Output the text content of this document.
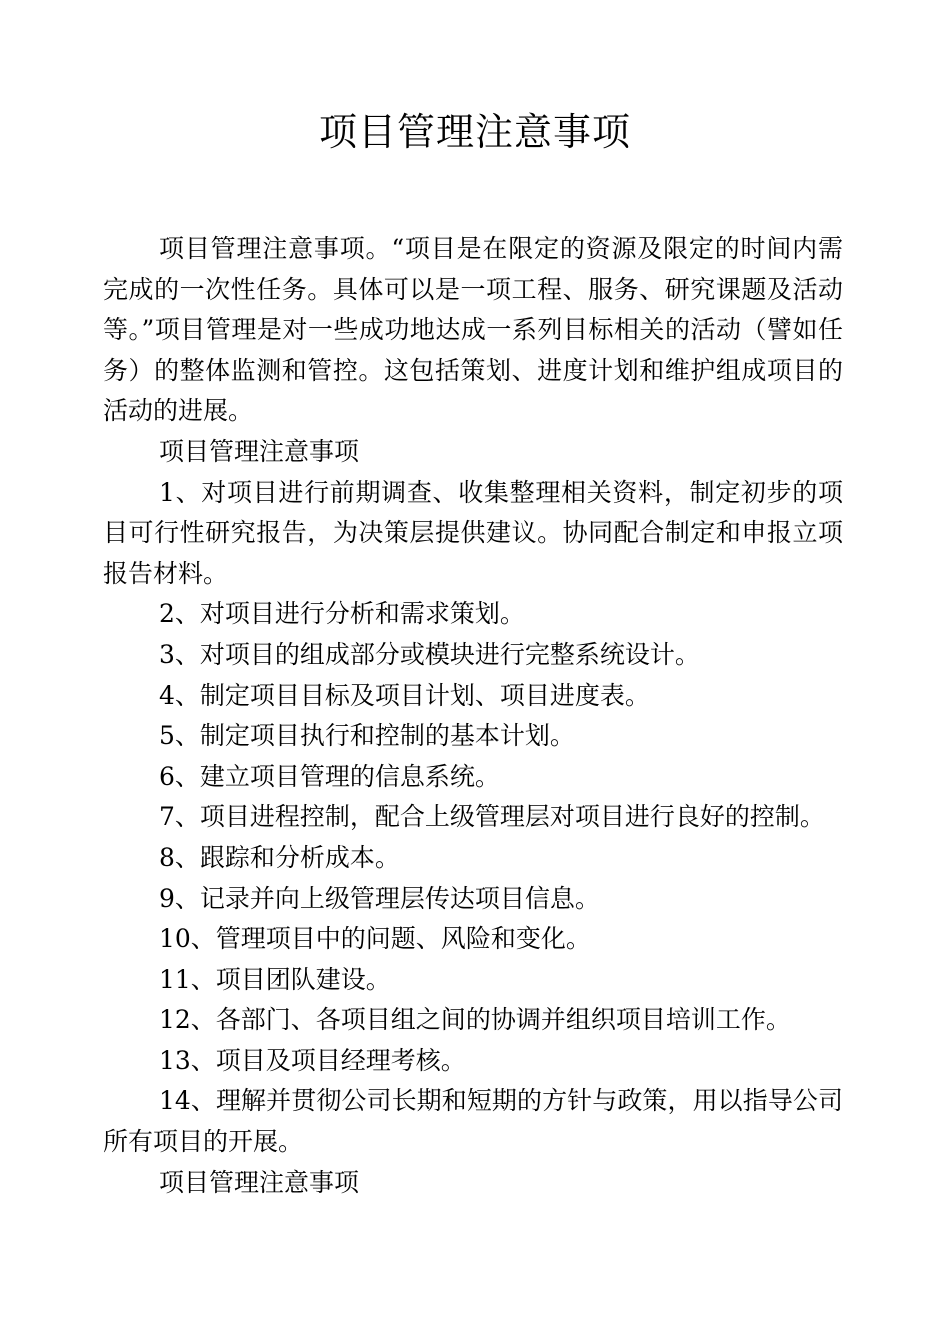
项目管理注意事项

项目管理注意事项。“项目是在限定的资源及限定的时间内需完成的一次性任务。具体可以是一项工程、服务、研究课题及活动等。”项目管理是对一些成功地达成一系列目标相关的活动（譬如任务）的整体监测和管控。这包括策划、进度计划和维护组成项目的活动的进展。

项目管理注意事项

1、对项目进行前期调查、收集整理相关资料，制定初步的项目可行性研究报告，为决策层提供建议。协同配合制定和申报立项报告材料。

2、对项目进行分析和需求策划。

3、对项目的组成部分或模块进行完整系统设计。

4、制定项目目标及项目计划、项目进度表。

5、制定项目执行和控制的基本计划。

6、建立项目管理的信息系统。

7、项目进程控制，配合上级管理层对项目进行良好的控制。

8、跟踪和分析成本。

9、记录并向上级管理层传达项目信息。

10、管理项目中的问题、风险和变化。

11、项目团队建设。

12、各部门、各项目组之间的协调并组织项目培训工作。

13、项目及项目经理考核。

14、理解并贯彻公司长期和短期的方针与政策，用以指导公司所有项目的开展。

项目管理注意事项
